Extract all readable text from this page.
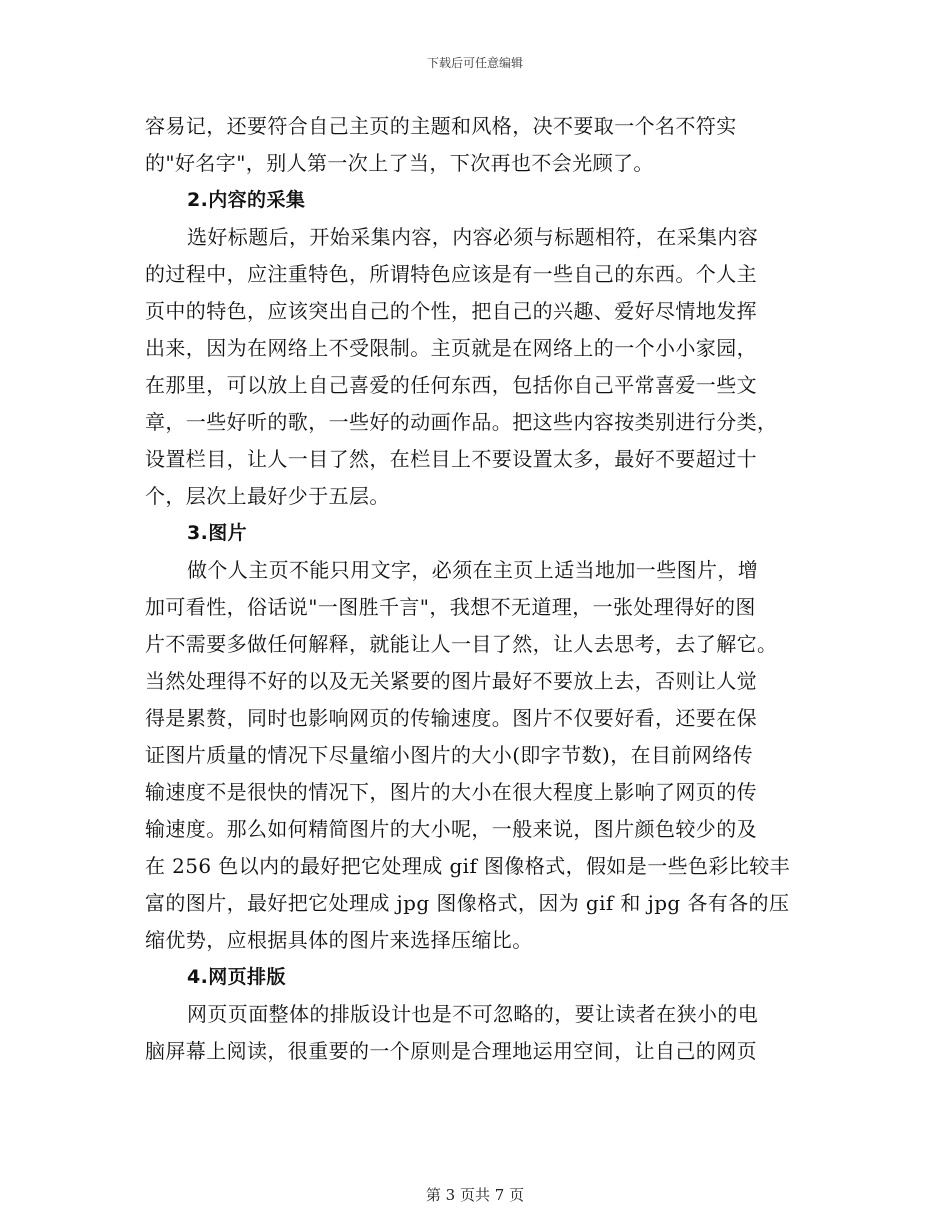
下载后可任意编辑
容易记，还要符合自己主页的主题和风格，决不要取一个名不符实
的"好名字"，别人第一次上了当，下次再也不会光顾了。
2.内容的采集
选好标题后，开始采集内容，内容必须与标题相符，在采集内容
的过程中，应注重特色，所谓特色应该是有一些自己的东西。个人主
页中的特色，应该突出自己的个性，把自己的兴趣、爱好尽情地发挥
出来，因为在网络上不受限制。主页就是在网络上的一个小小家园，
在那里，可以放上自己喜爱的任何东西，包括你自己平常喜爱一些文
章，一些好听的歌，一些好的动画作品。把这些内容按类别进行分类，
设置栏目，让人一目了然，在栏目上不要设置太多，最好不要超过十
个，层次上最好少于五层。
3.图片
做个人主页不能只用文字，必须在主页上适当地加一些图片，增
加可看性，俗话说"一图胜千言"，我想不无道理，一张处理得好的图
片不需要多做任何解释，就能让人一目了然，让人去思考，去了解它。
当然处理得不好的以及无关紧要的图片最好不要放上去，否则让人觉
得是累赘，同时也影响网页的传输速度。图片不仅要好看，还要在保
证图片质量的情况下尽量缩小图片的大小(即字节数)，在目前网络传
输速度不是很快的情况下，图片的大小在很大程度上影响了网页的传
输速度。那么如何精简图片的大小呢，一般来说，图片颜色较少的及
在 256 色以内的最好把它处理成 gif 图像格式，假如是一些色彩比较丰
富的图片，最好把它处理成 jpg 图像格式，因为 gif 和 jpg 各有各的压
缩优势，应根据具体的图片来选择压缩比。
4.网页排版
网页页面整体的排版设计也是不可忽略的，要让读者在狭小的电
脑屏幕上阅读，很重要的一个原则是合理地运用空间，让自己的网页
第 3 页共 7 页
